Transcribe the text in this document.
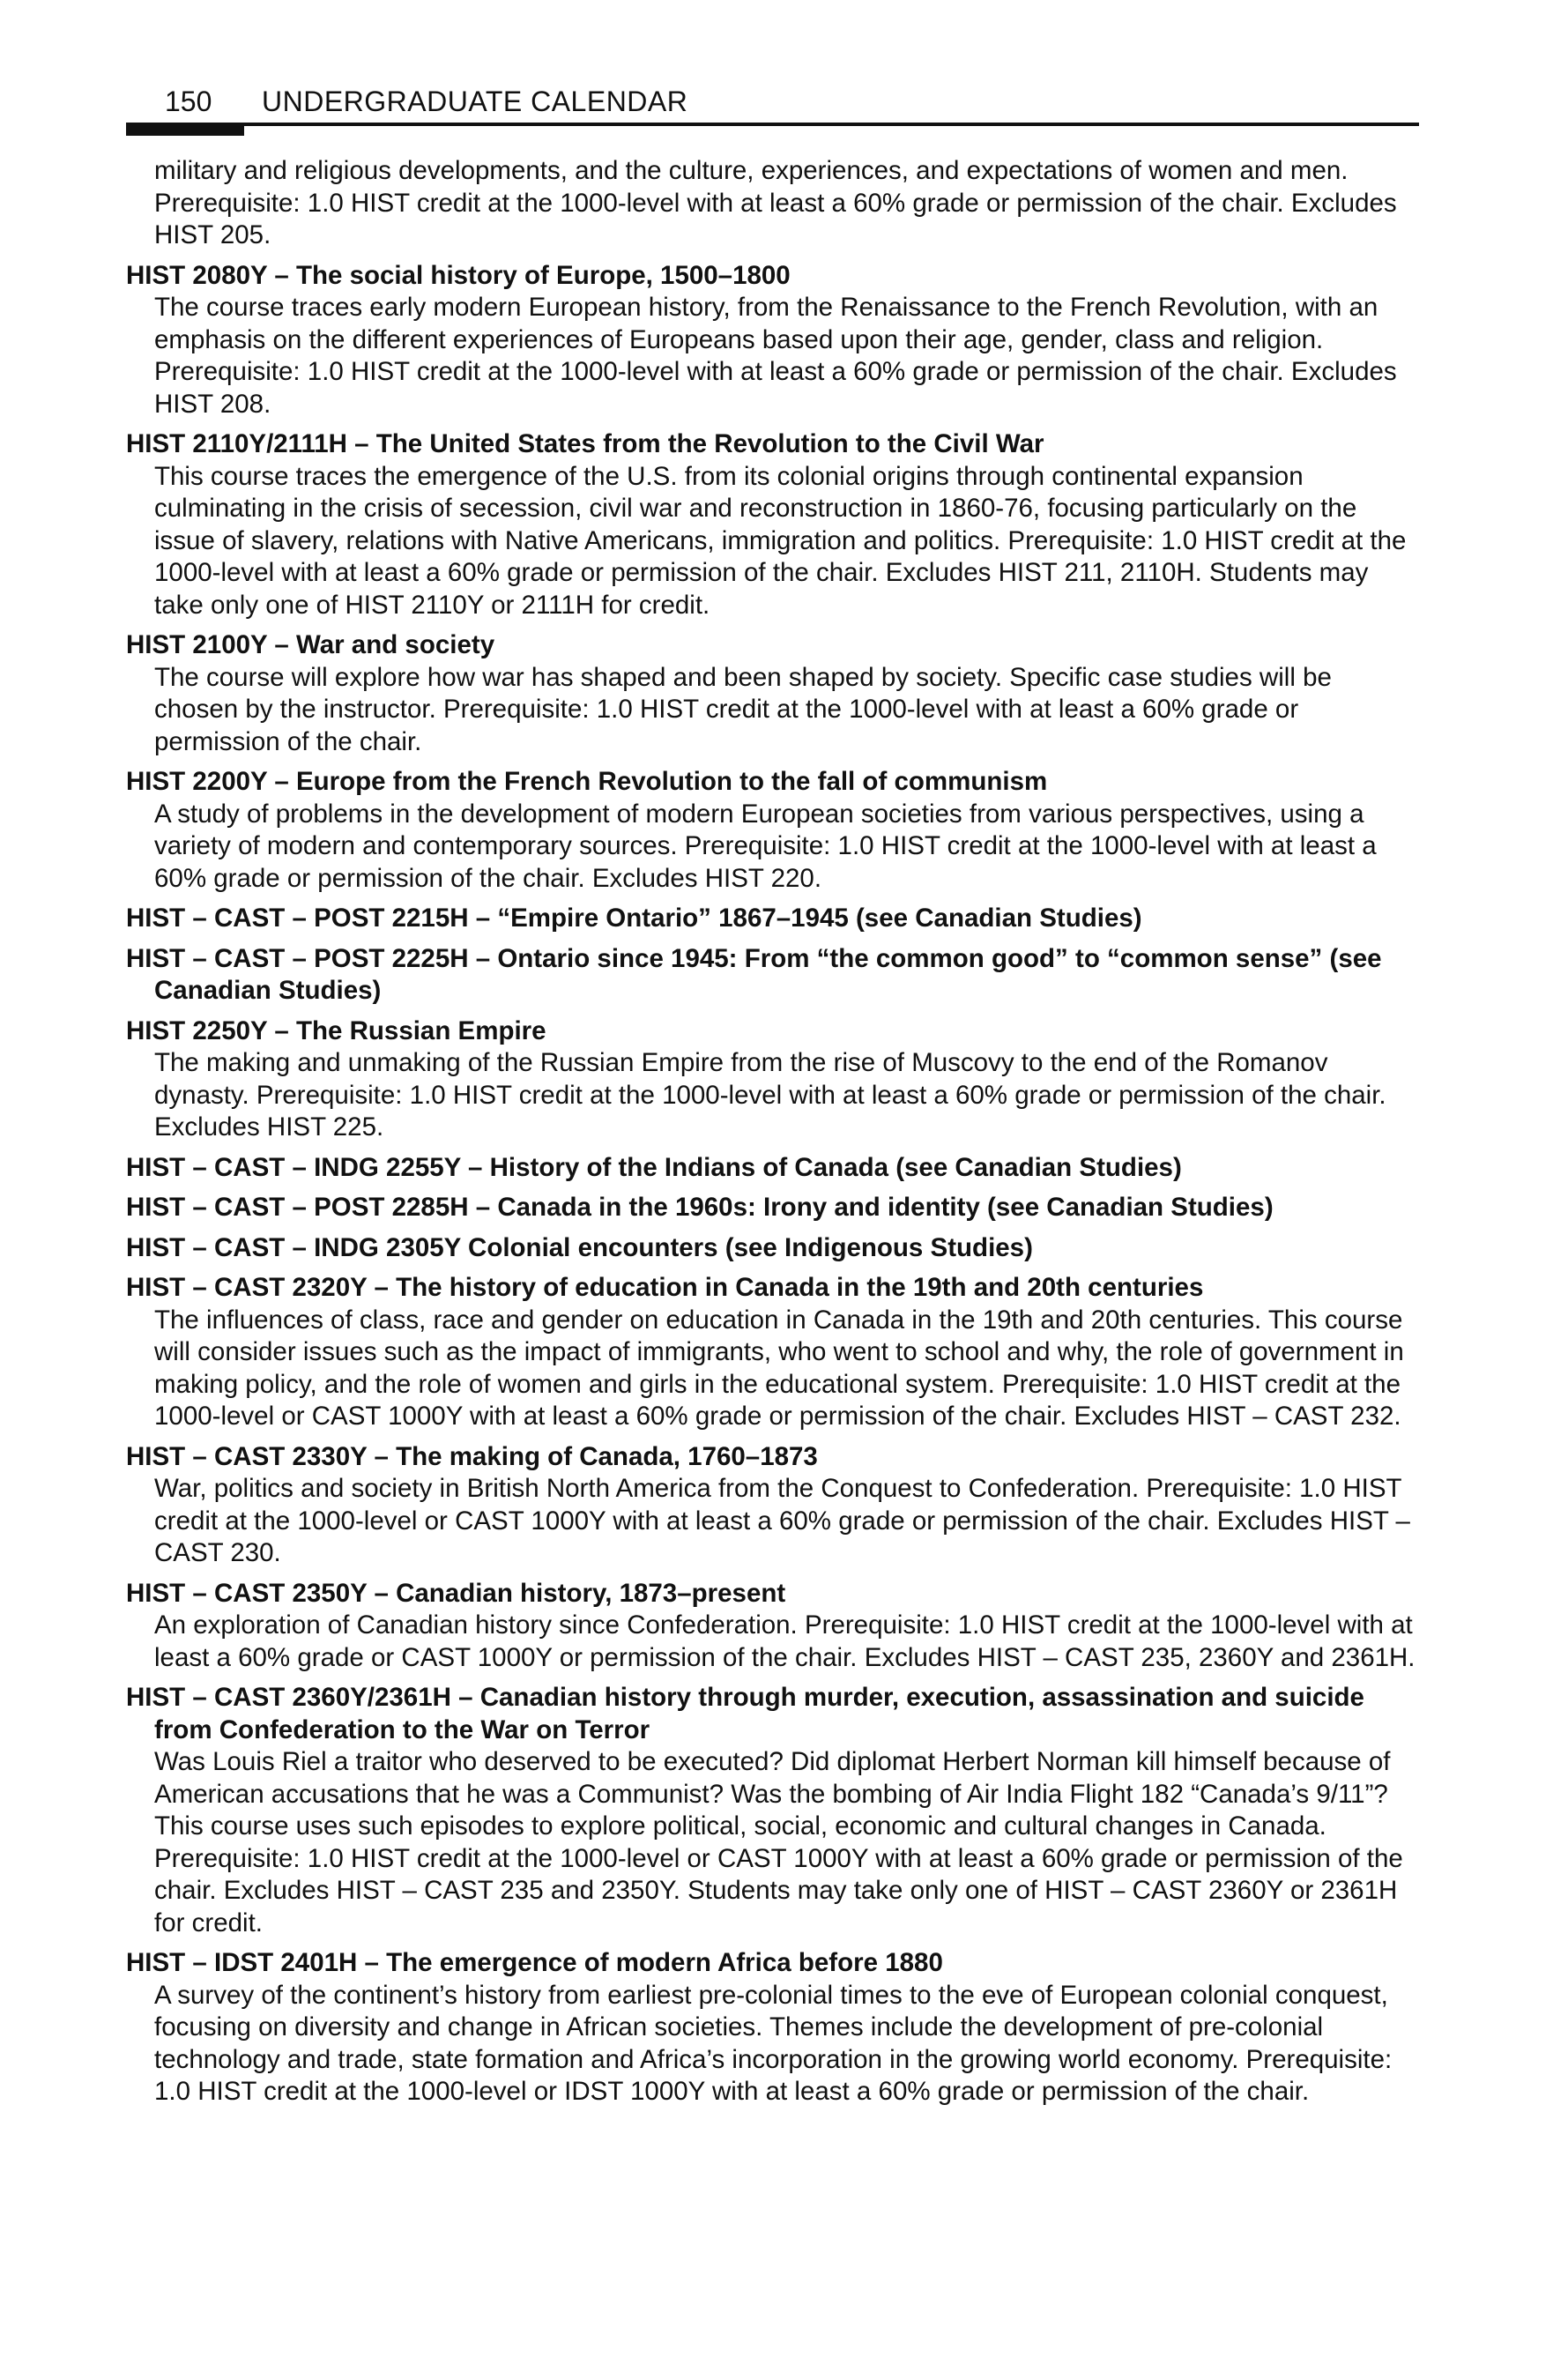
150 UNDERGRADUATE CALENDAR

military and religious developments, and the culture, experiences, and expectations of women and men. Prerequisite: 1.0 HIST credit at the 1000-level with at least a 60% grade or permission of the chair. Excludes HIST 205.

HIST 2080Y – The social history of Europe, 1500–1800
The course traces early modern European history, from the Renaissance to the French Revolution, with an emphasis on the different experiences of Europeans based upon their age, gender, class and religion. Prerequisite: 1.0 HIST credit at the 1000-level with at least a 60% grade or permission of the chair. Excludes HIST 208.
HIST 2110Y/2111H – The United States from the Revolution to the Civil War
This course traces the emergence of the U.S. from its colonial origins through continental expansion culminating in the crisis of secession, civil war and reconstruction in 1860-76, focusing particularly on the issue of slavery, relations with Native Americans, immigration and politics. Prerequisite: 1.0 HIST credit at the 1000-level with at least a 60% grade or permission of the chair. Excludes HIST 211, 2110H. Students may take only one of HIST 2110Y or 2111H for credit.
HIST 2100Y – War and society
The course will explore how war has shaped and been shaped by society. Specific case studies will be chosen by the instructor. Prerequisite: 1.0 HIST credit at the 1000-level with at least a 60% grade or permission of the chair.
HIST 2200Y – Europe from the French Revolution to the fall of communism
A study of problems in the development of modern European societies from various perspectives, using a variety of modern and contemporary sources. Prerequisite: 1.0 HIST credit at the 1000-level with at least a 60% grade or permission of the chair. Excludes HIST 220.
HIST – CAST – POST 2215H – “Empire Ontario” 1867–1945 (see Canadian Studies)
HIST – CAST – POST 2225H – Ontario since 1945: From “the common good” to “common sense” (see Canadian Studies)
HIST 2250Y – The Russian Empire
The making and unmaking of the Russian Empire from the rise of Muscovy to the end of the Romanov dynasty. Prerequisite: 1.0 HIST credit at the 1000-level with at least a 60% grade or permission of the chair. Excludes HIST 225.
HIST – CAST – INDG 2255Y – History of the Indians of Canada (see Canadian Studies)
HIST – CAST – POST 2285H – Canada in the 1960s: Irony and identity (see Canadian Studies)
HIST – CAST – INDG 2305Y Colonial encounters (see Indigenous Studies)
HIST – CAST 2320Y – The history of education in Canada in the 19th and 20th centuries
The influences of class, race and gender on education in Canada in the 19th and 20th centuries. This course will consider issues such as the impact of immigrants, who went to school and why, the role of government in making policy, and the role of women and girls in the educational system. Prerequisite: 1.0 HIST credit at the 1000-level or CAST 1000Y with at least a 60% grade or permission of the chair. Excludes HIST – CAST 232.
HIST – CAST 2330Y – The making of Canada, 1760–1873
War, politics and society in British North America from the Conquest to Confederation. Prerequisite: 1.0 HIST credit at the 1000-level or CAST 1000Y with at least a 60% grade or permission of the chair. Excludes HIST – CAST 230.
HIST – CAST 2350Y – Canadian history, 1873–present
An exploration of Canadian history since Confederation. Prerequisite: 1.0 HIST credit at the 1000-level with at least a 60% grade or CAST 1000Y or permission of the chair. Excludes HIST – CAST 235, 2360Y and 2361H.
HIST – CAST 2360Y/2361H – Canadian history through murder, execution, assassination and suicide from Confederation to the War on Terror
Was Louis Riel a traitor who deserved to be executed? Did diplomat Herbert Norman kill himself because of American accusations that he was a Communist? Was the bombing of Air India Flight 182 “Canada’s 9/11”? This course uses such episodes to explore political, social, economic and cultural changes in Canada. Prerequisite: 1.0 HIST credit at the 1000-level or CAST 1000Y with at least a 60% grade or permission of the chair. Excludes HIST – CAST 235 and 2350Y. Students may take only one of HIST – CAST 2360Y or 2361H for credit.
HIST – IDST 2401H – The emergence of modern Africa before 1880
A survey of the continent’s history from earliest pre-colonial times to the eve of European colonial conquest, focusing on diversity and change in African societies. Themes include the development of pre-colonial technology and trade, state formation and Africa’s incorporation in the growing world economy. Prerequisite: 1.0 HIST credit at the 1000-level or IDST 1000Y with at least a 60% grade or permission of the chair.
